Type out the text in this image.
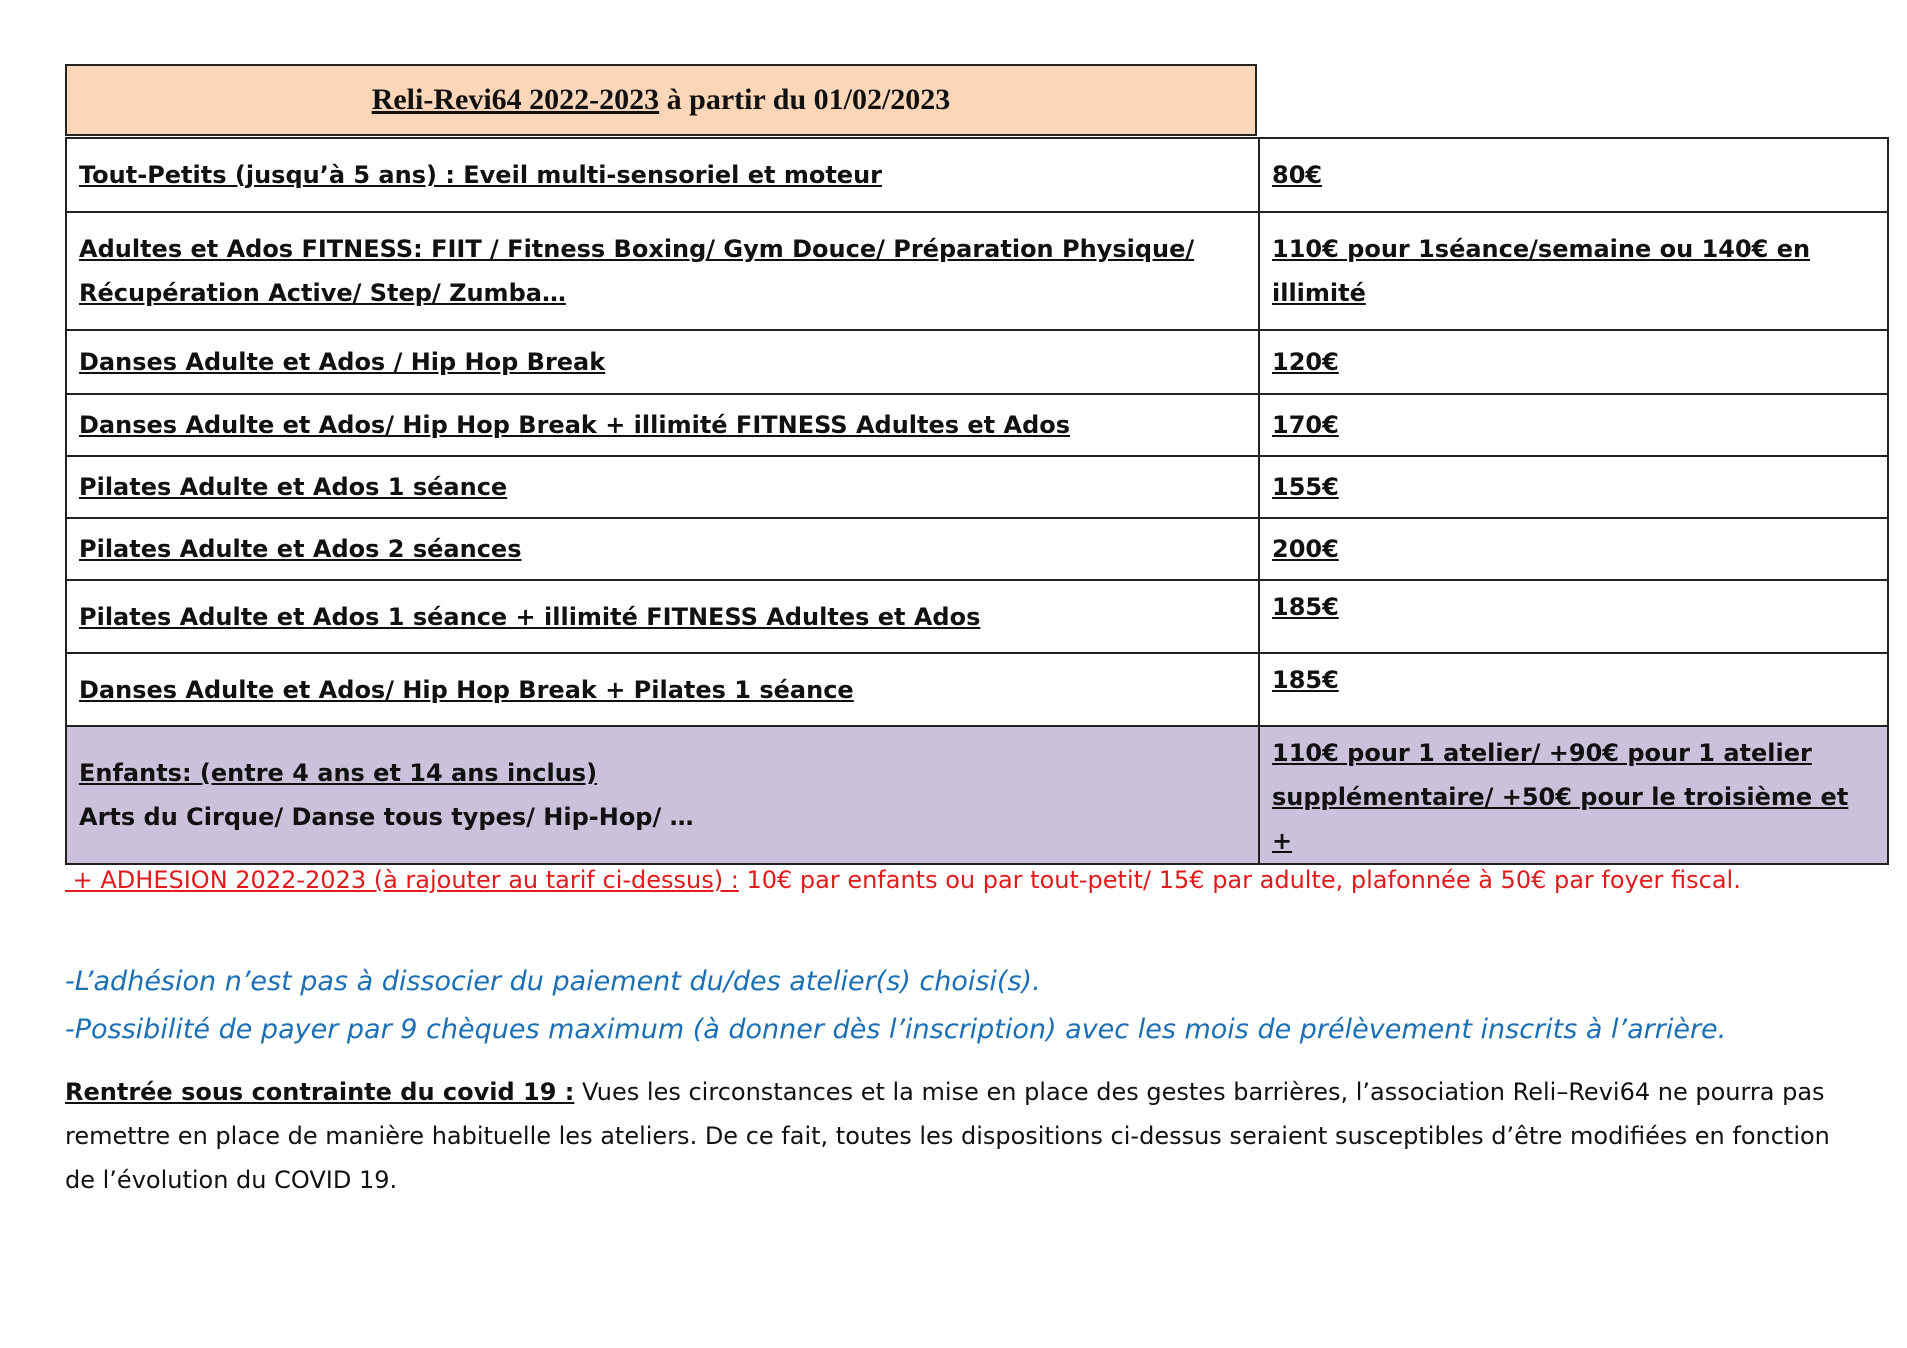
Reli-Revi64 2022-2023 à partir du 01/02/2023
Tout-Petits (jusqu’à 5 ans) : Eveil multi-sensoriel et moteur	80€
Adultes et Ados FITNESS: FIIT / Fitness Boxing/ Gym Douce/ Préparation Physique/ Récupération Active/ Step/ Zumba…	110€ pour 1séance/semaine ou 140€ en illimité
Danses Adulte et Ados / Hip Hop Break	120€
Danses Adulte et Ados/ Hip Hop Break + illimité FITNESS Adultes et Ados	170€
Pilates Adulte et Ados 1 séance	155€
Pilates Adulte et Ados 2 séances	200€
Pilates Adulte et Ados 1 séance + illimité FITNESS Adultes et Ados	185€
Danses Adulte et Ados/ Hip Hop Break + Pilates 1 séance	185€
Enfants: (entre 4 ans et 14 ans inclus)
Arts du Cirque/ Danse tous types/ Hip-Hop/ …	110€ pour 1 atelier/ +90€ pour 1 atelier supplémentaire/ +50€ pour le troisième et +
+ ADHESION 2022-2023 (à rajouter au tarif ci-dessus) : 10€ par enfants ou par tout-petit/ 15€ par adulte, plafonnée à 50€ par foyer fiscal.
-L’adhésion n’est pas à dissocier du paiement du/des atelier(s) choisi(s).
-Possibilité de payer par 9 chèques maximum (à donner dès l’inscription) avec les mois de prélèvement inscrits à l’arrière.
Rentrée sous contrainte du covid 19 : Vues les circonstances et la mise en place des gestes barrières, l’association Reli–Revi64 ne pourra pas remettre en place de manière habituelle les ateliers. De ce fait, toutes les dispositions ci-dessus seraient susceptibles d’être modifiées en fonction de l’évolution du COVID 19.
